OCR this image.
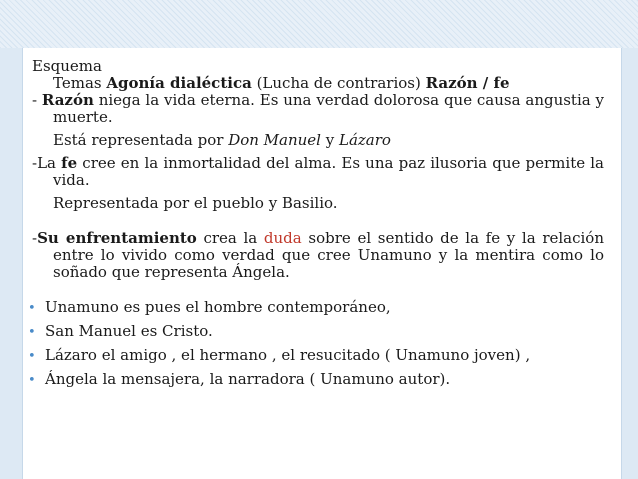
Esquema
Temas Agonía dialéctica (Lucha de contrarios) Razón / fe
- Razón niega la vida eterna. Es una verdad dolorosa que causa angustia y muerte.
Está representada por Don Manuel y Lázaro
-La fe cree en la inmortalidad del alma. Es una paz ilusoria que permite la vida.
Representada por el pueblo y Basilio.
-Su enfrentamiento crea la duda sobre el sentido de la fe y la relación entre lo vivido como verdad que cree Unamuno y la mentira como lo soñado que representa Ángela.
• Unamuno es pues el hombre contemporáneo,
• San Manuel es Cristo.
• Lázaro el amigo , el hermano , el resucitado ( Unamuno joven) ,
• Ángela la mensajera, la narradora ( Unamuno autor).
